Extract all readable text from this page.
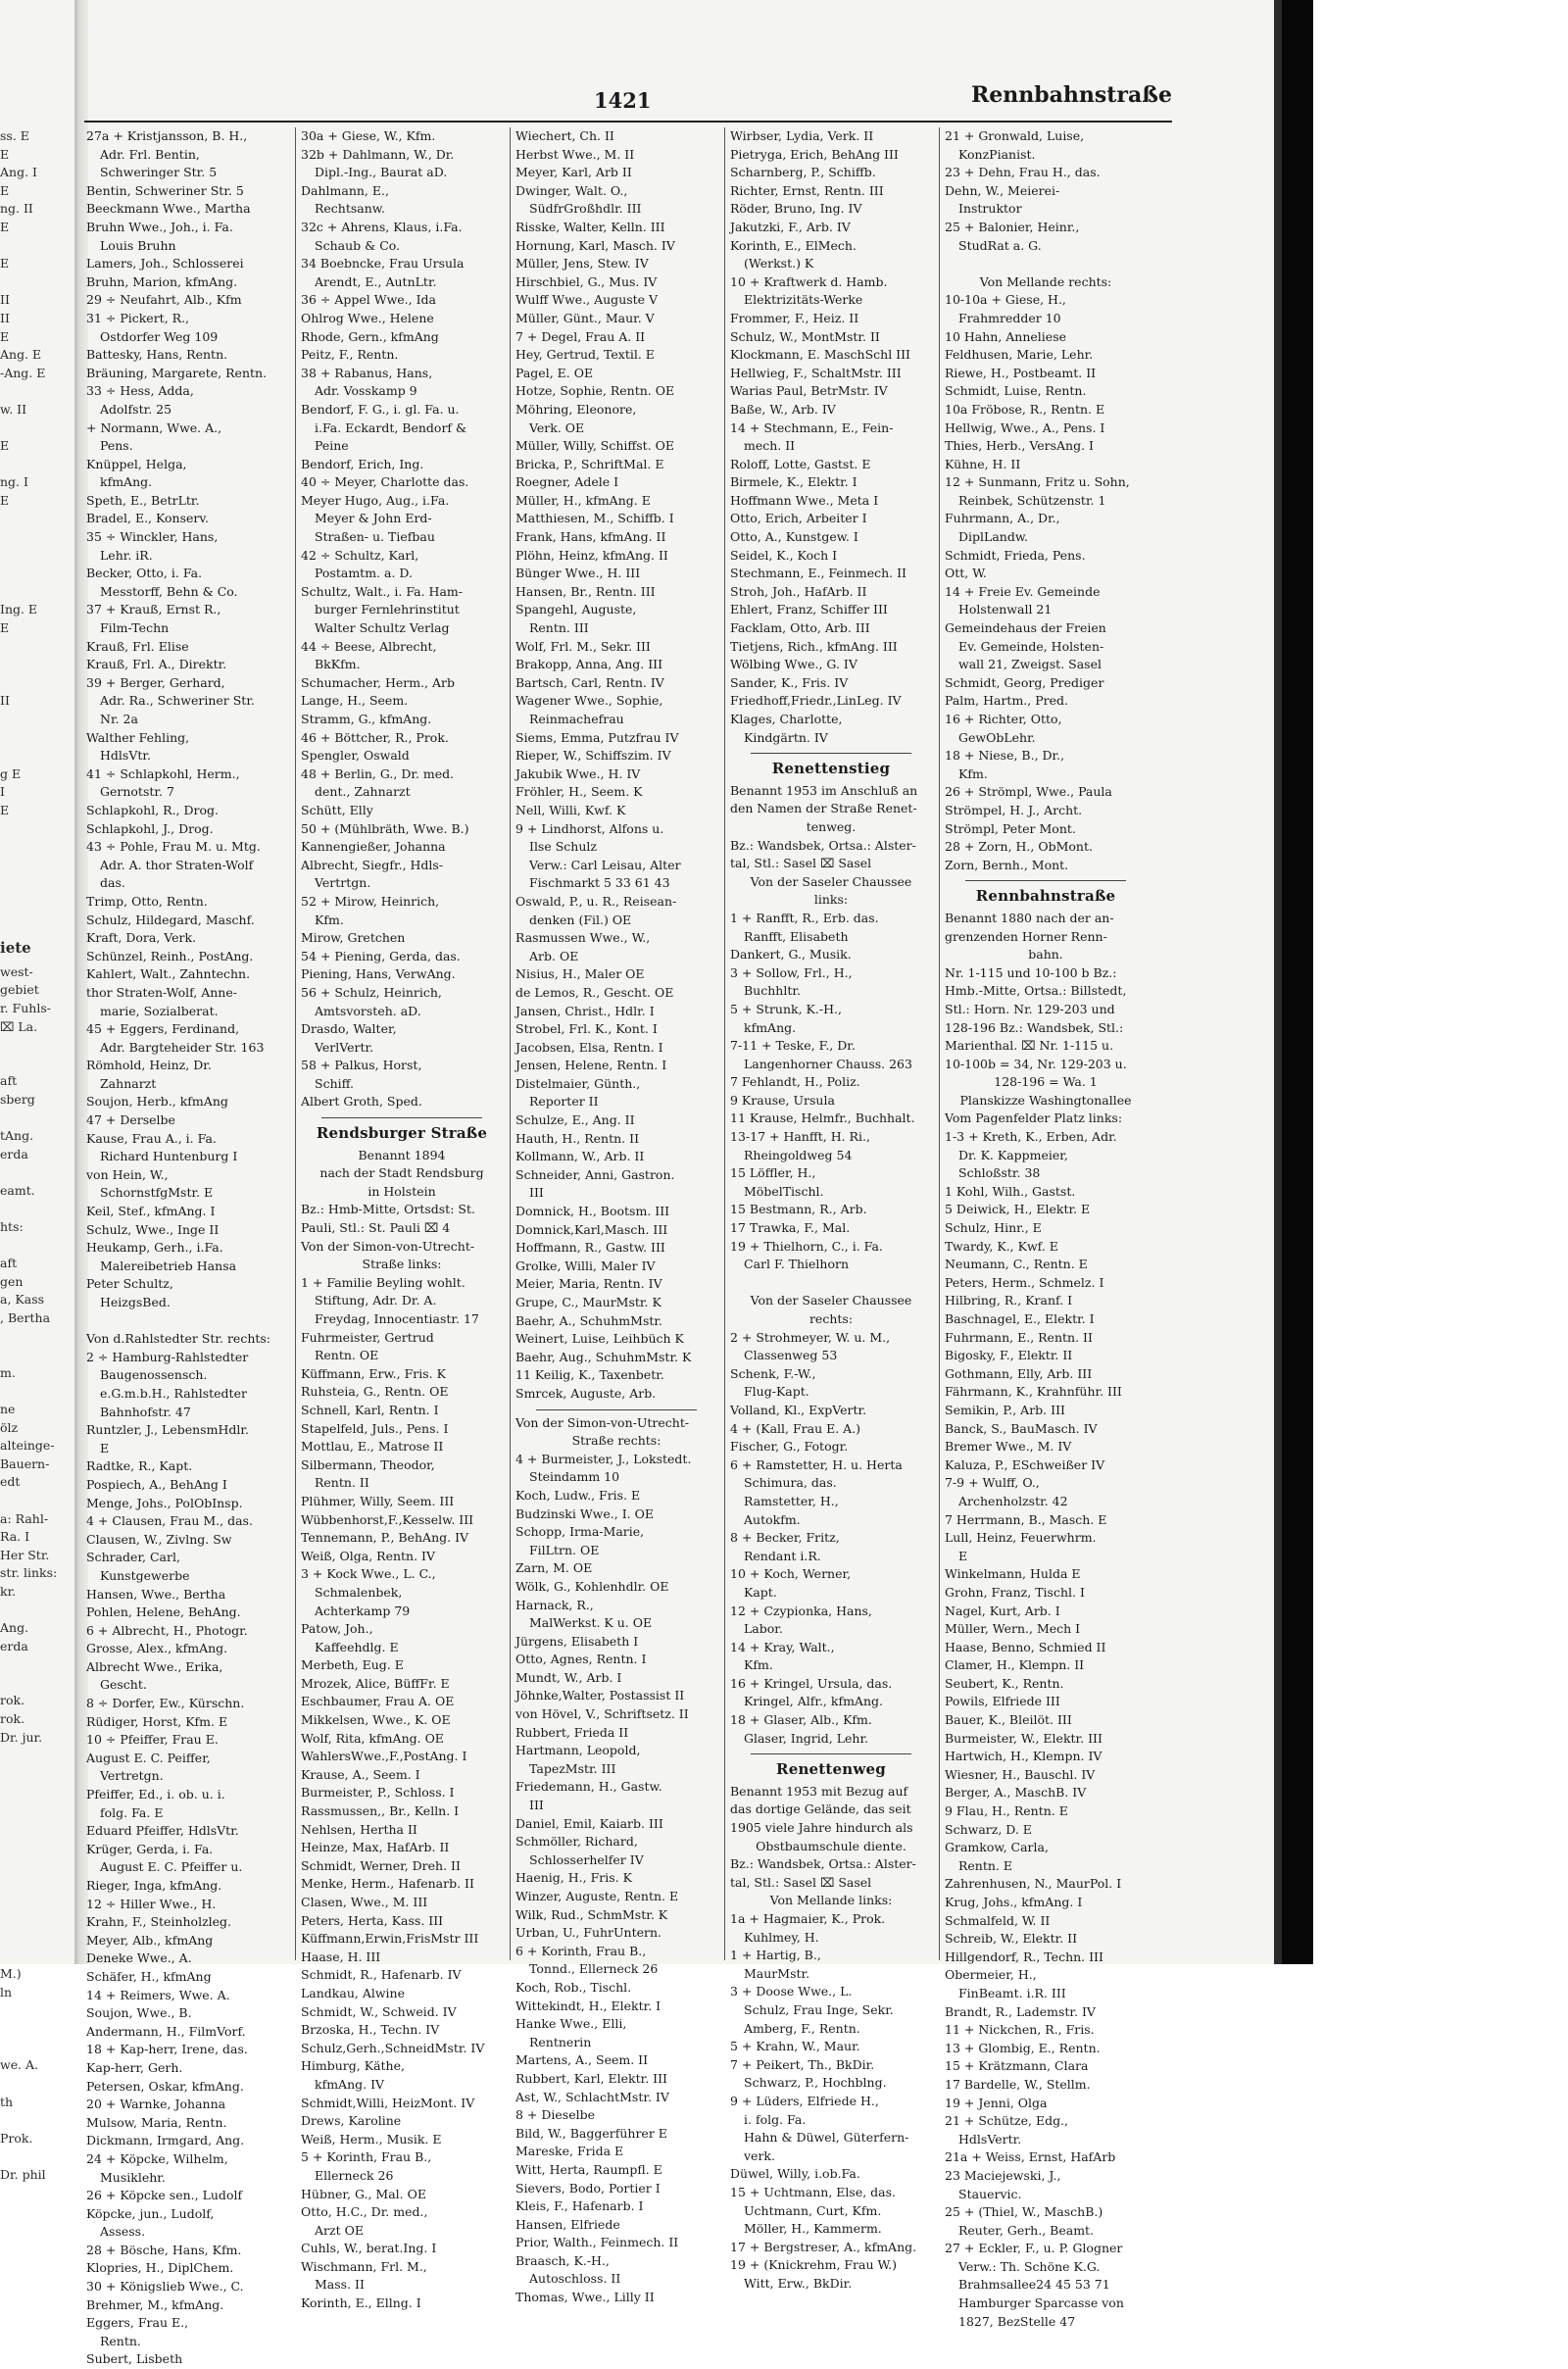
ss. E
E
Ang. I
E
ng. II
E

E

II
II
E
Ang. E
-Ang. E

w. II

E

ng. I
E

Ing. E
E

II

g E
I
E

iete
west-
gebiet
r. Fuhls-
⌧ La.

aft
sberg

tAng.
erda

eamt.

hts:

aft
gen
a, Kass
, Bertha

m.

ne
ölz
alteinge-
Bauern-
edt

a: Rahl-
Ra. I
Her Str.
str. links:
kr.

Ang.
erda

rok.
rok.
Dr. jur.

M.)
ln

we. A.

th

Prok.

Dr. phil
1421	Rennbahnstraße
27a + Kristjansson, B. H.,
Adr. Frl. Bentin,
Schweringer Str. 5
Bentin, Schweriner Str. 5
Beeckmann Wwe., Martha
Bruhn Wwe., Joh., i. Fa.
Louis Bruhn
Lamers, Joh., Schlosserei
Bruhn, Marion, kfmAng.
29 ÷ Neufahrt, Alb., Kfm
31 ÷ Pickert, R.,
Ostdorfer Weg 109
Battesky, Hans, Rentn.
Bräuning, Margarete, Rentn.
33 ÷ Hess, Adda,
Adolfstr. 25
+ Normann, Wwe. A.,
Pens.
Knüppel, Helga,
kfmAng.
Speth, E., BetrLtr.
Bradel, E., Konserv.
35 ÷ Winckler, Hans,
Lehr. iR.
Becker, Otto, i. Fa.
Messtorff, Behn & Co.
37 + Krauß, Ernst R.,
Film-Techn
Krauß, Frl. Elise
Krauß, Frl. A., Direktr.
39 + Berger, Gerhard,
Adr. Ra., Schweriner Str.
Nr. 2a
Walther Fehling,
HdlsVtr.
41 ÷ Schlapkohl, Herm.,
Gernotstr. 7
Schlapkohl, R., Drog.
Schlapkohl, J., Drog.
43 ÷ Pohle, Frau M. u. Mtg.
Adr. A. thor Straten-Wolf
das.
Trimp, Otto, Rentn.
Schulz, Hildegard, Maschf.
Kraft, Dora, Verk.
Schünzel, Reinh., PostAng.
Kahlert, Walt., Zahntechn.
thor Straten-Wolf, Anne-
marie, Sozialberat.
45 + Eggers, Ferdinand,
Adr. Bargteheider Str. 163
Römhold, Heinz, Dr.
Zahnarzt
Soujon, Herb., kfmAng
47 + Derselbe
Kause, Frau A., i. Fa.
Richard Huntenburg I
von Hein, W.,
SchornstfgMstr. E
Keil, Stef., kfmAng. I
Schulz, Wwe., Inge II
Heukamp, Gerh., i.Fa.
Malereibetrieb Hansa
Peter Schultz,
HeizgsBed.

Von d.Rahlstedter Str. rechts:
2 ÷ Hamburg-Rahlstedter
Baugenossensch.
e.G.m.b.H., Rahlstedter
Bahnhofstr. 47
Runtzler, J., LebensmHdlr.
E
Radtke, R., Kapt.
Pospiech, A., BehAng I
Menge, Johs., PolObInsp.
4 + Clausen, Frau M., das.
Clausen, W., Zivlng. Sw
Schrader, Carl,
Kunstgewerbe
Hansen, Wwe., Bertha
Pohlen, Helene, BehAng.
6 + Albrecht, H., Photogr.
Grosse, Alex., kfmAng.
Albrecht Wwe., Erika,
Gescht.
8 ÷ Dorfer, Ew., Kürschn.
Rüdiger, Horst, Kfm. E
10 ÷ Pfeiffer, Frau E.
August E. C. Peiffer,
Vertretgn.
Pfeiffer, Ed., i. ob. u. i.
folg. Fa. E
Eduard Pfeiffer, HdlsVtr.
Krüger, Gerda, i. Fa.
August E. C. Pfeiffer u.
Rieger, Inga, kfmAng.
12 ÷ Hiller Wwe., H.
Krahn, F., Steinholzleg.
Meyer, Alb., kfmAng
Deneke Wwe., A.
Schäfer, H., kfmAng
14 + Reimers, Wwe. A.
Soujon, Wwe., B.
Andermann, H., FilmVorf.
18 + Kap-herr, Irene, das.
Kap-herr, Gerh.
Petersen, Oskar, kfmAng.
20 + Warnke, Johanna
Mulsow, Maria, Rentn.
Dickmann, Irmgard, Ang.
24 + Köpcke, Wilhelm,
Musiklehr.
26 + Köpcke sen., Ludolf
Köpcke, jun., Ludolf,
Assess.
28 + Bösche, Hans, Kfm.
Klopries, H., DiplChem.
30 + Königslieb Wwe., C.
Brehmer, M., kfmAng.
Eggers, Frau E.,
Rentn.
Subert, Lisbeth
30a + Giese, W., Kfm.
32b + Dahlmann, W., Dr.
Dipl.-Ing., Baurat aD.
Dahlmann, E.,
Rechtsanw.
32c + Ahrens, Klaus, i.Fa.
Schaub & Co.
34 Boebncke, Frau Ursula
Arendt, E., AutnLtr.
36 ÷ Appel Wwe., Ida
Ohlrog Wwe., Helene
Rhode, Gern., kfmAng
Peitz, F., Rentn.
38 + Rabanus, Hans,
Adr. Vosskamp 9
Bendorf, F. G., i. gl. Fa. u.
i.Fa. Eckardt, Bendorf &
Peine
Bendorf, Erich, Ing.
40 ÷ Meyer, Charlotte das.
Meyer Hugo, Aug., i.Fa.
Meyer & John Erd-
Straßen- u. Tiefbau
42 ÷ Schultz, Karl,
Postamtm. a. D.
Schultz, Walt., i. Fa. Ham-
burger Fernlehrinstitut
Walter Schultz Verlag
44 ÷ Beese, Albrecht,
BkKfm.
Schumacher, Herm., Arb
Lange, H., Seem.
Stramm, G., kfmAng.
46 + Böttcher, R., Prok.
Spengler, Oswald
48 + Berlin, G., Dr. med.
dent., Zahnarzt
Schütt, Elly
50 + (Mühlbräth, Wwe. B.)
Kannengießer, Johanna
Albrecht, Siegfr., Hdls-
Vertrtgn.
52 + Mirow, Heinrich,
Kfm.
Mirow, Gretchen
54 + Piening, Gerda, das.
Piening, Hans, VerwAng.
56 + Schulz, Heinrich,
Amtsvorsteh. aD.
Drasdo, Walter,
VerlVertr.
58 + Palkus, Horst,
Schiff.
Albert Groth, Sped.
Rendsburger Straße
Benannt 1894
nach der Stadt Rendsburg
in Holstein
Bz.: Hmb-Mitte, Ortsdst: St.
Pauli, Stl.: St. Pauli ⌧ 4
Von der Simon-von-Utrecht-
Straße links:
1 + Familie Beyling wohlt.
Stiftung, Adr. Dr. A.
Freydag, Innocentiastr. 17
Fuhrmeister, Gertrud
Rentn. OE
Küffmann, Erw., Fris. K
Ruhsteia, G., Rentn. OE
Schnell, Karl, Rentn. I
Stapelfeld, Juls., Pens. I
Mottlau, E., Matrose II
Silbermann, Theodor,
Rentn. II
Plühmer, Willy, Seem. III
Wübbenhorst,F.,Kesselw. III
Tennemann, P., BehAng. IV
Weiß, Olga, Rentn. IV
3 + Kock Wwe., L. C.,
Schmalenbek,
Achterkamp 79
Patow, Joh.,
Kaffeehdlg. E
Merbeth, Eug. E
Mrozek, Alice, BüffFr. E
Eschbaumer, Frau A. OE
Mikkelsen, Wwe., K. OE
Wolf, Rita, kfmAng. OE
WahlersWwe.,F.,PostAng. I
Krause, A., Seem. I
Burmeister, P., Schloss. I
Rassmussen,, Br., Kelln. I
Nehlsen, Hertha II
Heinze, Max, HafArb. II
Schmidt, Werner, Dreh. II
Menke, Herm., Hafenarb. II
Clasen, Wwe., M. III
Peters, Herta, Kass. III
Küffmann,Erwin,FrisMstr III
Haase, H. III
Schmidt, R., Hafenarb. IV
Landkau, Alwine
Schmidt, W., Schweid. IV
Brzoska, H., Techn. IV
Schulz,Gerh.,SchneidMstr. IV
Himburg, Käthe,
kfmAng. IV
Schmidt,Willi, HeizMont. IV
Drews, Karoline
Weiß, Herm., Musik. E
5 + Korinth, Frau B.,
Ellerneck 26
Hübner, G., Mal. OE
Otto, H.C., Dr. med.,
Arzt OE
Cuhls, W., berat.Ing. I
Wischmann, Frl. M.,
Mass. II
Korinth, E., Ellng. I
Wiechert, Ch. II
Herbst Wwe., M. II
Meyer, Karl, Arb II
Dwinger, Walt. O.,
SüdfrGroßhdlr. III
Risske, Walter, Kelln. III
Hornung, Karl, Masch. IV
Müller, Jens, Stew. IV
Hirschbiel, G., Mus. IV
Wulff Wwe., Auguste V
Müller, Günt., Maur. V
7 + Degel, Frau A. II
Hey, Gertrud, Textil. E
Pagel, E. OE
Hotze, Sophie, Rentn. OE
Möhring, Eleonore,
Verk. OE
Müller, Willy, Schiffst. OE
Bricka, P., SchriftMal. E
Roegner, Adele I
Müller, H., kfmAng. E
Matthiesen, M., Schiffb. I
Frank, Hans, kfmAng. II
Plöhn, Heinz, kfmAng. II
Bünger Wwe., H. III
Hansen, Br., Rentn. III
Spangehl, Auguste,
Rentn. III
Wolf, Frl. M., Sekr. III
Brakopp, Anna, Ang. III
Bartsch, Carl, Rentn. IV
Wagener Wwe., Sophie,
Reinmachefrau
Siems, Emma, Putzfrau IV
Rieper, W., Schiffszim. IV
Jakubik Wwe., H. IV
Fröhler, H., Seem. K
Nell, Willi, Kwf. K
9 + Lindhorst, Alfons u.
Ilse Schulz
Verw.: Carl Leisau, Alter
Fischmarkt 5 33 61 43
Oswald, P., u. R., Reisean-
denken (Fil.) OE
Rasmussen Wwe., W.,
Arb. OE
Nisius, H., Maler OE
de Lemos, R., Gescht. OE
Jansen, Christ., Hdlr. I
Strobel, Frl. K., Kont. I
Jacobsen, Elsa, Rentn. I
Jensen, Helene, Rentn. I
Distelmaier, Günth.,
Reporter II
Schulze, E., Ang. II
Hauth, H., Rentn. II
Kollmann, W., Arb. II
Schneider, Anni, Gastron.
III
Domnick, H., Bootsm. III
Domnick,Karl,Masch. III
Hoffmann, R., Gastw. III
Grolke, Willi, Maler IV
Meier, Maria, Rentn. IV
Grupe, C., MaurMstr. K
Baehr, A., SchuhmMstr.
Weinert, Luise, Leihbüch K
Baehr, Aug., SchuhmMstr. K
11 Keilig, K., Taxenbetr.
Smrcek, Auguste, Arb.
Von der Simon-von-Utrecht-
Straße rechts:
4 + Burmeister, J., Lokstedt.
Steindamm 10
Koch, Ludw., Fris. E
Budzinski Wwe., I. OE
Schopp, Irma-Marie,
FilLtrn. OE
Zarn, M. OE
Wölk, G., Kohlenhdlr. OE
Harnack, R.,
MalWerkst. K u. OE
Jürgens, Elisabeth I
Otto, Agnes, Rentn. I
Mundt, W., Arb. I
Jöhnke,Walter, Postassist II
von Hövel, V., Schriftsetz. II
Rubbert, Frieda II
Hartmann, Leopold,
TapezMstr. III
Friedemann, H., Gastw.
III
Daniel, Emil, Kaiarb. III
Schmöller, Richard,
Schlosserhelfer IV
Haenig, H., Fris. K
Winzer, Auguste, Rentn. E
Wilk, Rud., SchmMstr. K
Urban, U., FuhrUntern.
6 + Korinth, Frau B.,
Tonnd., Ellerneck 26
Koch, Rob., Tischl.
Wittekindt, H., Elektr. I
Hanke Wwe., Elli,
Rentnerin
Martens, A., Seem. II
Rubbert, Karl, Elektr. III
Ast, W., SchlachtMstr. IV
8 + Dieselbe
Bild, W., Baggerführer E
Mareske, Frida E
Witt, Herta, Raumpfl. E
Sievers, Bodo, Portier I
Kleis, F., Hafenarb. I
Hansen, Elfriede
Prior, Walth., Feinmech. II
Braasch, K.-H.,
Autoschloss. II
Thomas, Wwe., Lilly II
Wirbser, Lydia, Verk. II
Pietryga, Erich, BehAng III
Scharnberg, P., Schiffb.
Richter, Ernst, Rentn. III
Röder, Bruno, Ing. IV
Jakutzki, F., Arb. IV
Korinth, E., ElMech.
(Werkst.) K
10 + Kraftwerk d. Hamb.
Elektrizitäts-Werke
Frommer, F., Heiz. II
Schulz, W., MontMstr. II
Klockmann, E. MaschSchl III
Hellwieg, F., SchaltMstr. III
Warias Paul, BetrMstr. IV
Baße, W., Arb. IV
14 + Stechmann, E., Fein-
mech. II
Roloff, Lotte, Gastst. E
Birmele, K., Elektr. I
Hoffmann Wwe., Meta I
Otto, Erich, Arbeiter I
Otto, A., Kunstgew. I
Seidel, K., Koch I
Stechmann, E., Feinmech. II
Stroh, Joh., HafArb. II
Ehlert, Franz, Schiffer III
Facklam, Otto, Arb. III
Tietjens, Rich., kfmAng. III
Wölbing Wwe., G. IV
Sander, K., Fris. IV
Friedhoff,Friedr.,LinLeg. IV
Klages, Charlotte,
Kindgärtn. IV
Renettenstieg
Benannt 1953 im Anschluß an
den Namen der Straße Renet-
tenweg.
Bz.: Wandsbek, Ortsa.: Alster-
tal, Stl.: Sasel ⌧ Sasel
Von der Saseler Chaussee
links:
1 + Ranfft, R., Erb. das.
Ranfft, Elisabeth
Dankert, G., Musik.
3 + Sollow, Frl., H.,
Buchhltr.
5 + Strunk, K.-H.,
kfmAng.
7-11 + Teske, F., Dr.
Langenhorner Chauss. 263
7 Fehlandt, H., Poliz.
9 Krause, Ursula
11 Krause, Helmfr., Buchhalt.
13-17 + Hanfft, H. Ri.,
Rheingoldweg 54
15 Löffler, H.,
MöbelTischl.
15 Bestmann, R., Arb.
17 Trawka, F., Mal.
19 + Thielhorn, C., i. Fa.
Carl F. Thielhorn

Von der Saseler Chaussee
rechts:
2 + Strohmeyer, W. u. M.,
Classenweg 53
Schenk, F.-W.,
Flug-Kapt.
Volland, Kl., ExpVertr.
4 + (Kall, Frau E. A.)
Fischer, G., Fotogr.
6 + Ramstetter, H. u. Herta
Schimura, das.
Ramstetter, H.,
Autokfm.
8 + Becker, Fritz,
Rendant i.R.
10 + Koch, Werner,
Kapt.
12 + Czypionka, Hans,
Labor.
14 + Kray, Walt.,
Kfm.
16 + Kringel, Ursula, das.
Kringel, Alfr., kfmAng.
18 + Glaser, Alb., Kfm.
Glaser, Ingrid, Lehr.
Renettenweg
Benannt 1953 mit Bezug auf
das dortige Gelände, das seit
1905 viele Jahre hindurch als
Obstbaumschule diente.
Bz.: Wandsbek, Ortsa.: Alster-
tal, Stl.: Sasel ⌧ Sasel
Von Mellande links:
1a + Hagmaier, K., Prok.
Kuhlmey, H.
1 + Hartig, B.,
MaurMstr.
3 + Doose Wwe., L.
Schulz, Frau Inge, Sekr.
Amberg, F., Rentn.
5 + Krahn, W., Maur.
7 + Peikert, Th., BkDir.
Schwarz, P., Hochblng.
9 + Lüders, Elfriede H.,
i. folg. Fa.
Hahn & Düwel, Güterfern-
verk.
Düwel, Willy, i.ob.Fa.
15 + Uchtmann, Else, das.
Uchtmann, Curt, Kfm.
Möller, H., Kammerm.
17 + Bergstreser, A., kfmAng.
19 + (Knickrehm, Frau W.)
Witt, Erw., BkDir.
21 + Gronwald, Luise,
KonzPianist.
23 + Dehn, Frau H., das.
Dehn, W., Meierei-
Instruktor
25 + Balonier, Heinr.,
StudRat a. G.

Von Mellande rechts:
10-10a + Giese, H.,
Frahmredder 10
10 Hahn, Anneliese
Feldhusen, Marie, Lehr.
Riewe, H., Postbeamt. II
Schmidt, Luise, Rentn.
10a Fröbose, R., Rentn. E
Hellwig, Wwe., A., Pens. I
Thies, Herb., VersAng. I
Kühne, H. II
12 + Sunmann, Fritz u. Sohn,
Reinbek, Schützenstr. 1
Fuhrmann, A., Dr.,
DiplLandw.
Schmidt, Frieda, Pens.
Ott, W.
14 + Freie Ev. Gemeinde
Holstenwall 21
Gemeindehaus der Freien
Ev. Gemeinde, Holsten-
wall 21, Zweigst. Sasel
Schmidt, Georg, Prediger
Palm, Hartm., Pred.
16 + Richter, Otto,
GewObLehr.
18 + Niese, B., Dr.,
Kfm.
26 + Strömpl, Wwe., Paula
Strömpel, H. J., Archt.
Strömpl, Peter Mont.
28 + Zorn, H., ObMont.
Zorn, Bernh., Mont.
Rennbahnstraße
Benannt 1880 nach der an-
grenzenden Horner Renn-
bahn.
Nr. 1-115 und 10-100 b Bz.:
Hmb.-Mitte, Ortsa.: Billstedt,
Stl.: Horn. Nr. 129-203 und
128-196 Bz.: Wandsbek, Stl.:
Marienthal. ⌧ Nr. 1-115 u.
10-100b = 34, Nr. 129-203 u.
128-196 = Wa. 1
Planskizze Washingtonallee
Vom Pagenfelder Platz links:
1-3 + Kreth, K., Erben, Adr.
Dr. K. Kappmeier,
Schloßstr. 38
1 Kohl, Wilh., Gastst.
5 Deiwick, H., Elektr. E
Schulz, Hinr., E
Twardy, K., Kwf. E
Neumann, C., Rentn. E
Peters, Herm., Schmelz. I
Hilbring, R., Kranf. I
Baschnagel, E., Elektr. I
Fuhrmann, E., Rentn. II
Bigosky, F., Elektr. II
Gothmann, Elly, Arb. III
Fährmann, K., Krahnführ. III
Semikin, P., Arb. III
Banck, S., BauMasch. IV
Bremer Wwe., M. IV
Kaluza, P., ESchweißer IV
7-9 + Wulff, O.,
Archenholzstr. 42
7 Herrmann, B., Masch. E
Lull, Heinz, Feuerwhrm.
E
Winkelmann, Hulda E
Grohn, Franz, Tischl. I
Nagel, Kurt, Arb. I
Müller, Wern., Mech I
Haase, Benno, Schmied II
Clamer, H., Klempn. II
Seubert, K., Rentn.
Powils, Elfriede III
Bauer, K., Bleilöt. III
Burmeister, W., Elektr. III
Hartwich, H., Klempn. IV
Wiesner, H., Bauschl. IV
Berger, A., MaschB. IV
9 Flau, H., Rentn. E
Schwarz, D. E
Gramkow, Carla,
Rentn. E
Zahrenhusen, N., MaurPol. I
Krug, Johs., kfmAng. I
Schmalfeld, W. II
Schreib, W., Elektr. II
Hillgendorf, R., Techn. III
Obermeier, H.,
FinBeamt. i.R. III
Brandt, R., Lademstr. IV
11 + Nickchen, R., Fris.
13 + Glombig, E., Rentn.
15 + Krätzmann, Clara
17 Bardelle, W., Stellm.
19 + Jenni, Olga
21 + Schütze, Edg.,
HdlsVertr.
21a + Weiss, Ernst, HafArb
23 Maciejewski, J.,
Stauervic.
25 + (Thiel, W., MaschB.)
Reuter, Gerh., Beamt.
27 + Eckler, F., u. P. Glogner
Verw.: Th. Schöne K.G.
Brahmsallee24 45 53 71
Hamburger Sparcasse von
1827, BezStelle 47
